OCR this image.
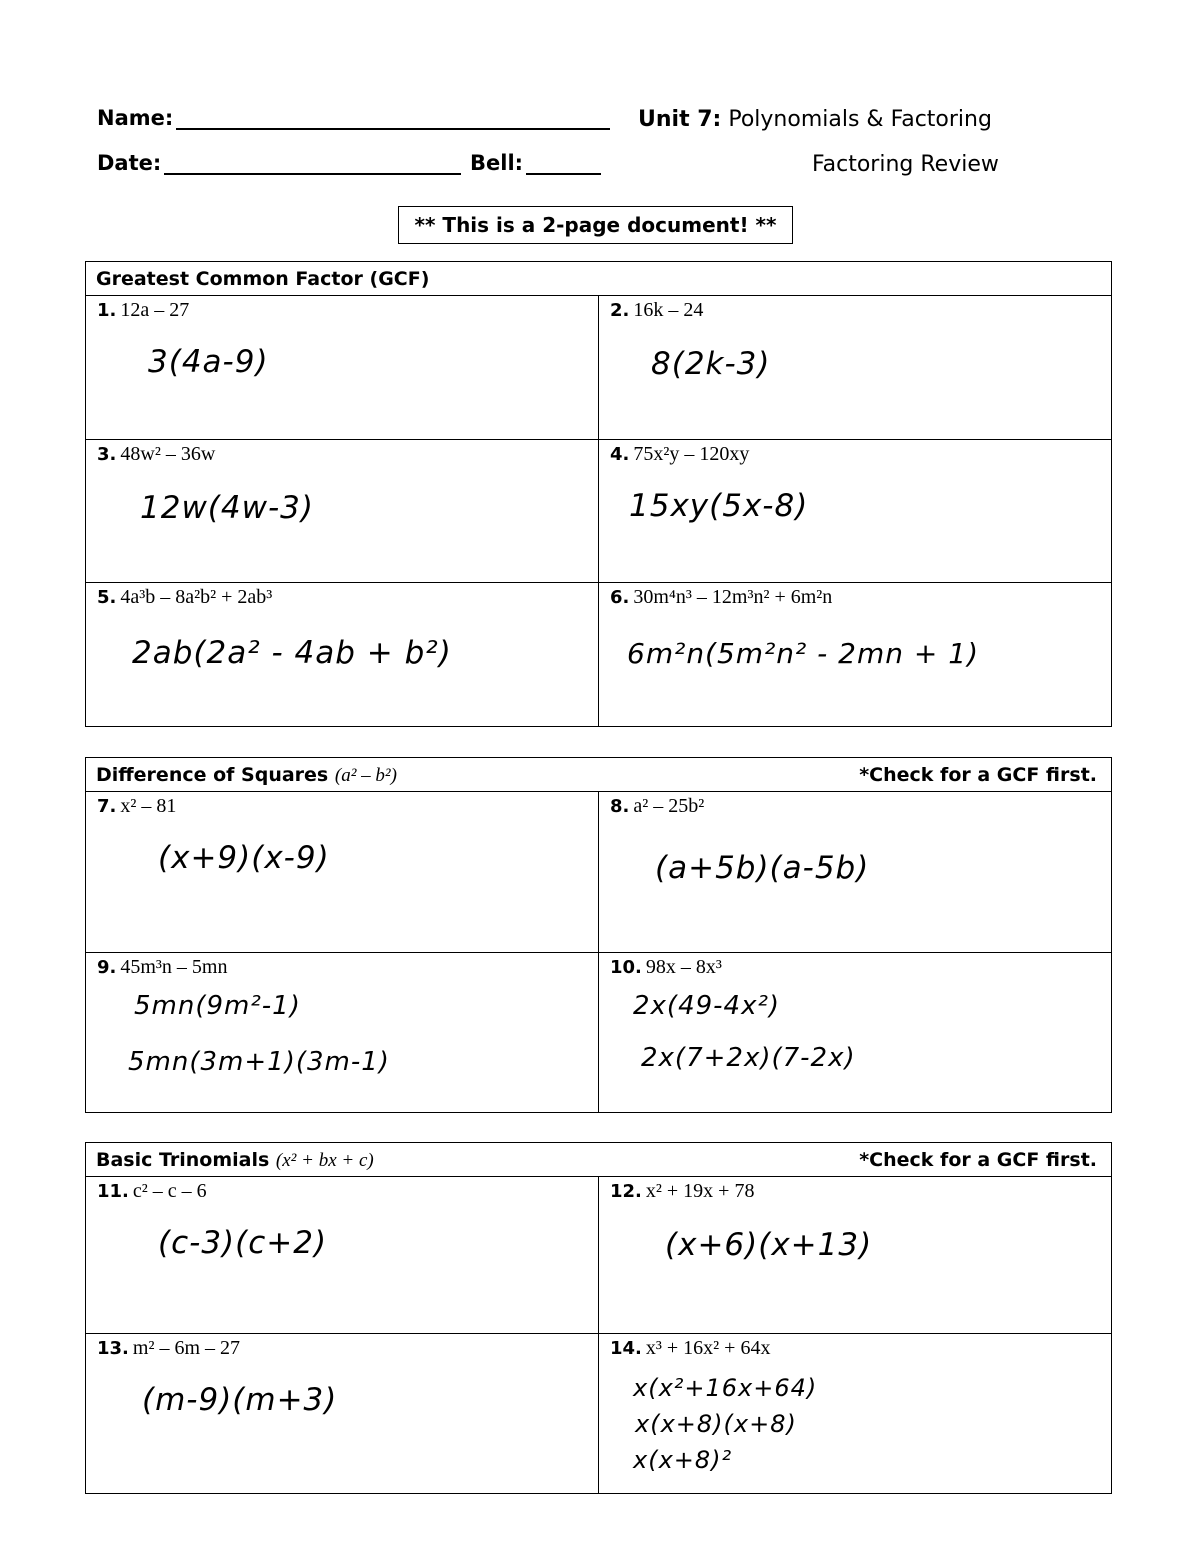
Name:
Date:	Bell:
Unit 7: Polynomials & Factoring
Factoring Review
** This is a 2-page document! **
Greatest Common Factor (GCF)
1. 12a – 27
3(4a-9)
2. 16k – 24
8(2k-3)
3. 48w² – 36w
12w(4w-3)
4. 75x²y – 120xy
15xy(5x-8)
5. 4a³b – 8a²b² + 2ab³
2ab(2a² - 4ab + b²)
6. 30m⁴n³ – 12m³n² + 6m²n
6m²n(5m²n² - 2mn + 1)
Difference of Squares (a² – b²)	*Check for a GCF first.
7. x² – 81
(x+9)(x-9)
8. a² – 25b²
(a+5b)(a-5b)
9. 45m³n – 5mn
5mn(9m²-1)
5mn(3m+1)(3m-1)
10. 98x – 8x³
2x(49-4x²)
2x(7+2x)(7-2x)
Basic Trinomials (x² + bx + c)	*Check for a GCF first.
11. c² – c – 6
(c-3)(c+2)
12. x² + 19x + 78
(x+6)(x+13)
13. m² – 6m – 27
(m-9)(m+3)
14. x³ + 16x² + 64x
x(x²+16x+64)
x(x+8)(x+8)
x(x+8)²
